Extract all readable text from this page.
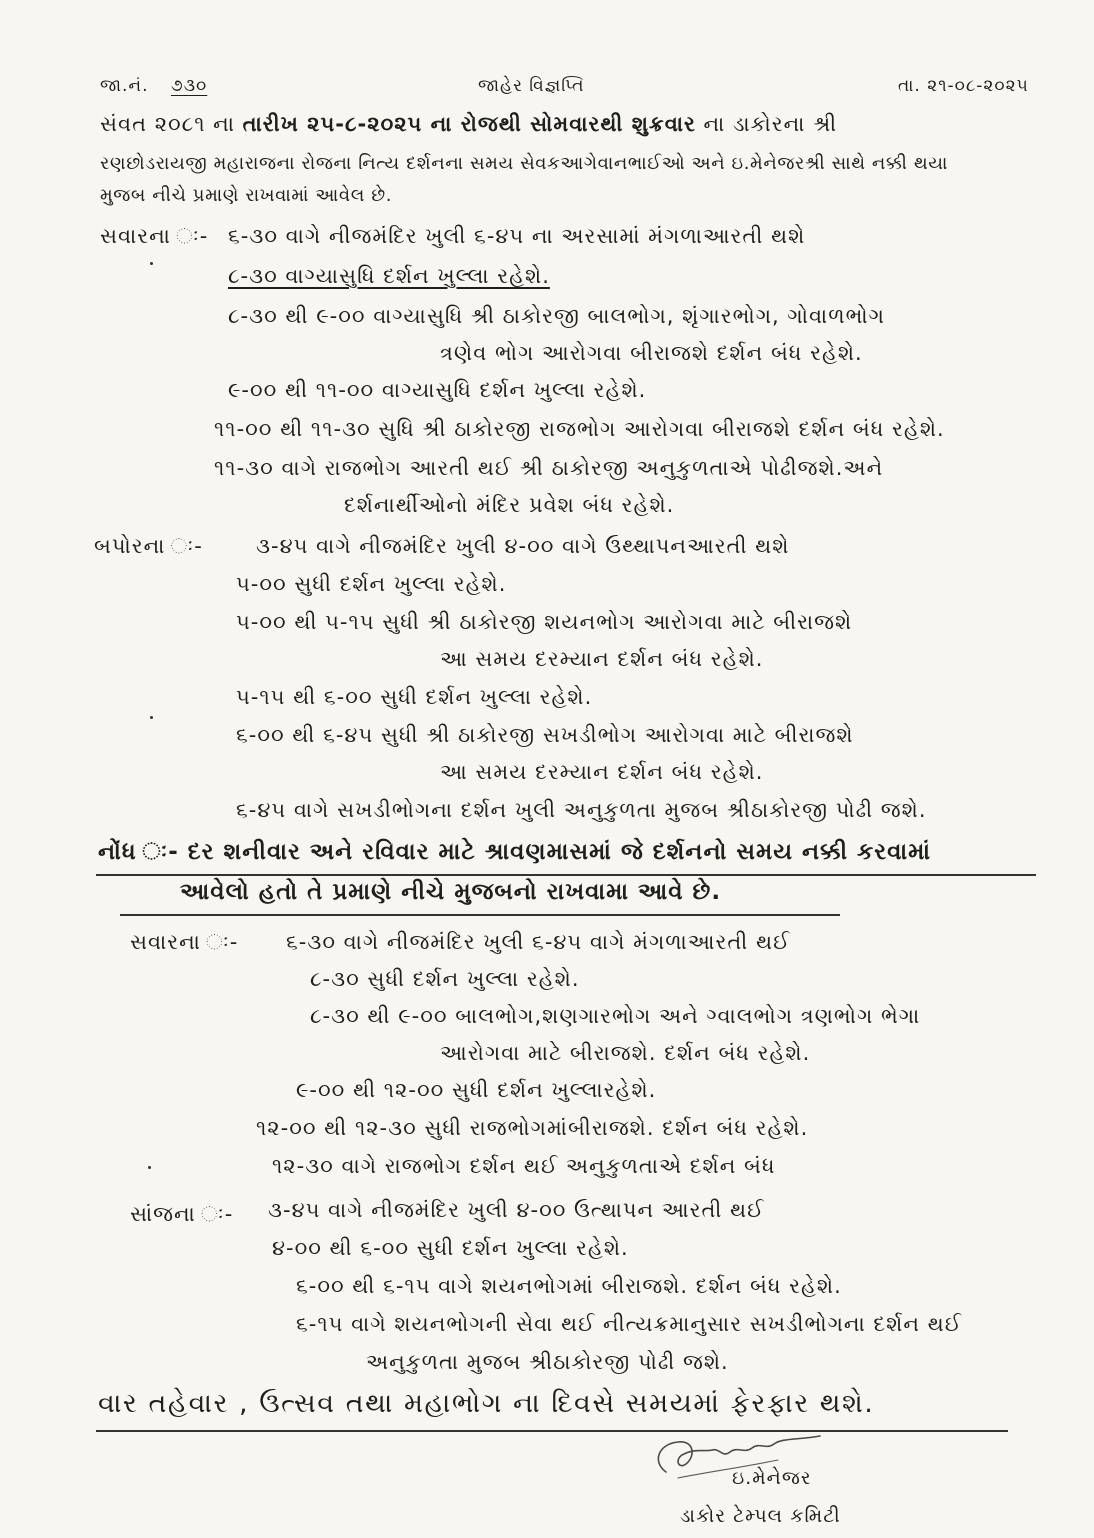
જા.નં. ૭૩૦	જાહેર વિજ્ઞપ્તિ	તા. ૨૧-૦૮-૨૦૨૫
સંવત ૨૦૮૧ ના તારીખ ૨૫-૮-૨૦૨૫ ના રોજથી સોમવારથી શુક્રવાર ના ડાકોરના શ્રી
રણછોડરાયજી મહારાજના રોજના નિત્ય દર્શનના સમય સેવકઆગેવાનભાઈઓ અને ઇ.મેનેજરશ્રી સાથે નક્કી થયા
મુજબ નીચે પ્રમાણે રાખવામાં આવેલ છે.
સવારના ઃ- ૬-૩૦ વાગે નીજમંદિર ખુલી ૬-૪૫ ના અરસામાં મંગળાઆરતી થશે
૮-૩૦ વાગ્યાસુધિ દર્શન ખુલ્લા રહેશે.
૮-૩૦ થી ૯-૦૦ વાગ્યાસુધિ શ્રી ઠાકોરજી બાલભોગ, શૃંગારભોગ, ગોવાળભોગ
ત્રણેવ ભોગ આરોગવા બીરાજશે દર્શન બંધ રહેશે.
૯-૦૦ થી ૧૧-૦૦ વાગ્યાસુધિ દર્શન ખુલ્લા રહેશે.
૧૧-૦૦ થી ૧૧-૩૦ સુધિ શ્રી ઠાકોરજી રાજભોગ આરોગવા બીરાજશે દર્શન બંધ રહેશે.
૧૧-૩૦ વાગે રાજભોગ આરતી થઈ શ્રી ઠાકોરજી અનુકુળતાએ પોઢીજશે.અને
દર્શનાર્થીઓનો મંદિર પ્રવેશ બંધ રહેશે.
બપોરના ઃ-	૩-૪૫ વાગે નીજમંદિર ખુલી ૪-૦૦ વાગે ઉથ્થાપનઆરતી થશે
૫-૦૦ સુધી દર્શન ખુલ્લા રહેશે.
૫-૦૦ થી ૫-૧૫ સુધી શ્રી ઠાકોરજી શયનભોગ આરોગવા માટે બીરાજશે
આ સમય દરમ્યાન દર્શન બંધ રહેશે.
૫-૧૫ થી ૬-૦૦ સુધી દર્શન ખુલ્લા રહેશે.
૬-૦૦ થી ૬-૪૫ સુધી શ્રી ઠાકોરજી સખડીભોગ આરોગવા માટે બીરાજશે
આ સમય દરમ્યાન દર્શન બંધ રહેશે.
૬-૪૫ વાગે સખડીભોગના દર્શન ખુલી અનુકુળતા મુજબ શ્રીઠાકોરજી પોઢી જશે.
નોંધ ઃ- દર શનીવાર અને રવિવાર માટે શ્રાવણમાસમાં જે દર્શનનો સમય નક્કી કરવામાં
આવેલો હતો તે પ્રમાણે નીચે મુજબનો રાખવામા આવે છે.
સવારના ઃ- ૬-૩૦ વાગે નીજમંદિર ખુલી ૬-૪૫ વાગે મંગળાઆરતી થઈ
૮-૩૦ સુધી દર્શન ખુલ્લા રહેશે.
૮-૩૦ થી ૯-૦૦ બાલભોગ,શણગારભોગ અને ગ્વાલભોગ ત્રણભોગ ભેગા
આરોગવા માટે બીરાજશે. દર્શન બંધ રહેશે.
૯-૦૦ થી ૧૨-૦૦ સુધી દર્શન ખુલ્લારહેશે.
૧૨-૦૦ થી ૧૨-૩૦ સુધી રાજભોગમાંબીરાજશે. દર્શન બંધ રહેશે.
૧૨-૩૦ વાગે રાજભોગ દર્શન થઈ અનુકુળતાએ દર્શન બંધ
સાંજના ઃ- ૩-૪૫ વાગે નીજમંદિર ખુલી ૪-૦૦ ઉત્થાપન આરતી થઈ
૪-૦૦ થી ૬-૦૦ સુધી દર્શન ખુલ્લા રહેશે.
૬-૦૦ થી ૬-૧૫ વાગે શયનભોગમાં બીરાજશે. દર્શન બંધ રહેશે.
૬-૧૫ વાગે શયનભોગની સેવા થઈ નીત્યક્રમાનુસાર સખડીભોગના દર્શન થઈ
અનુકુળતા મુજબ શ્રીઠાકોરજી પોઢી જશે.
વાર તહેવાર , ઉત્સવ તથા મહાભોગ ના દિવસે સમયમાં ફેરફાર થશે.
ઇ.મેનેજર
ડાકોર ટેમ્પલ કમિટી
